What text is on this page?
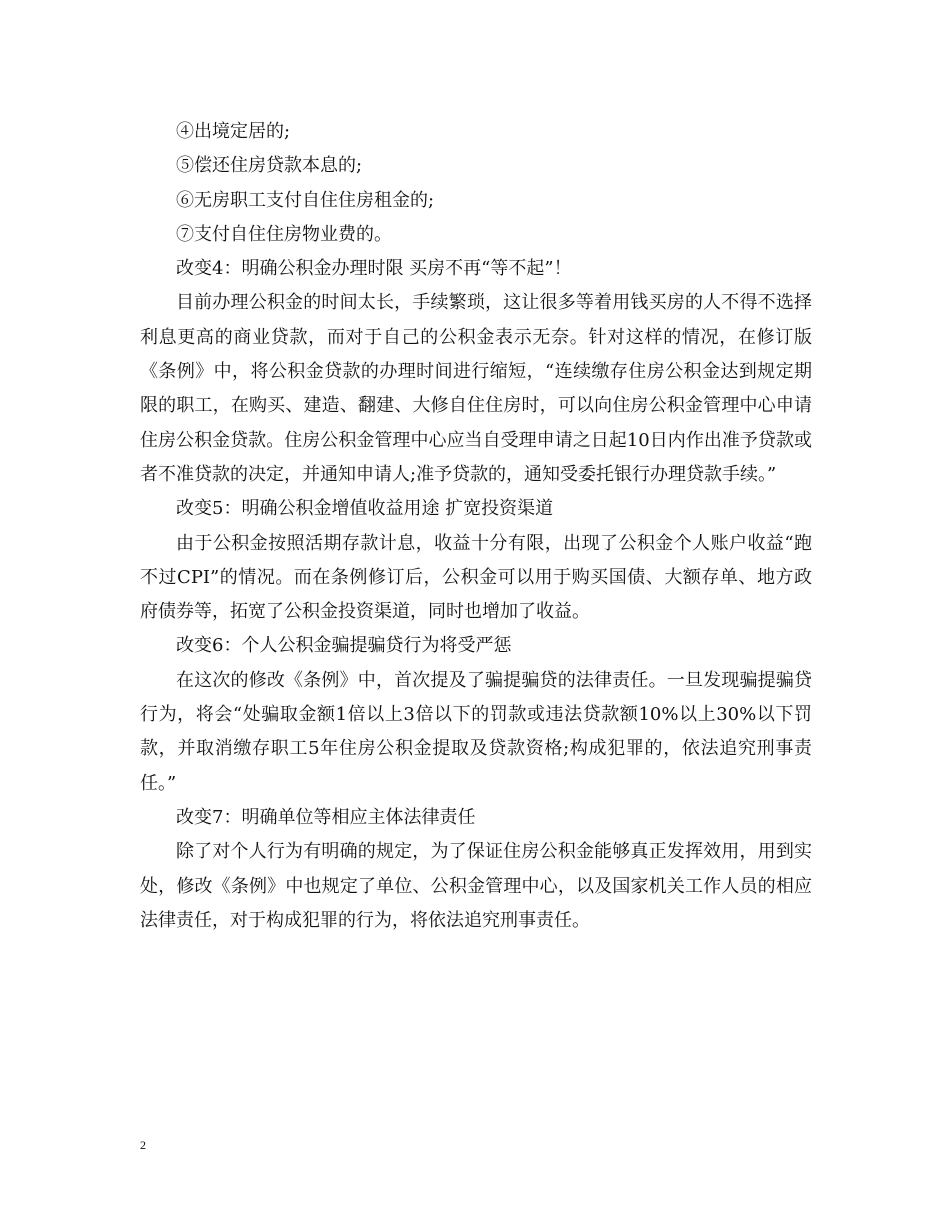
④出境定居的;
⑤偿还住房贷款本息的;
⑥无房职工支付自住住房租金的;
⑦支付自住住房物业费的。
改变4：明确公积金办理时限 买房不再“等不起”！

目前办理公积金的时间太长，手续繁琐，这让很多等着用钱买房的人不得不选择利息更高的商业贷款，而对于自己的公积金表示无奈。针对这样的情况，在修订版《条例》中，将公积金贷款的办理时间进行缩短，“连续缴存住房公积金达到规定期限的职工，在购买、建造、翻建、大修自住住房时，可以向住房公积金管理中心申请住房公积金贷款。住房公积金管理中心应当自受理申请之日起10日内作出准予贷款或者不准贷款的决定，并通知申请人;准予贷款的，通知受委托银行办理贷款手续。”

改变5：明确公积金增值收益用途 扩宽投资渠道

由于公积金按照活期存款计息，收益十分有限，出现了公积金个人账户收益“跑不过CPI”的情况。而在条例修订后，公积金可以用于购买国债、大额存单、地方政府债券等，拓宽了公积金投资渠道，同时也增加了收益。

改变6：个人公积金骗提骗贷行为将受严惩

在这次的修改《条例》中，首次提及了骗提骗贷的法律责任。一旦发现骗提骗贷行为，将会“处骗取金额1倍以上3倍以下的罚款或违法贷款额10%以上30%以下罚款，并取消缴存职工5年住房公积金提取及贷款资格;构成犯罪的，依法追究刑事责任。”

改变7：明确单位等相应主体法律责任

除了对个人行为有明确的规定，为了保证住房公积金能够真正发挥效用，用到实处，修改《条例》中也规定了单位、公积金管理中心，以及国家机关工作人员的相应法律责任，对于构成犯罪的行为，将依法追究刑事责任。

2
